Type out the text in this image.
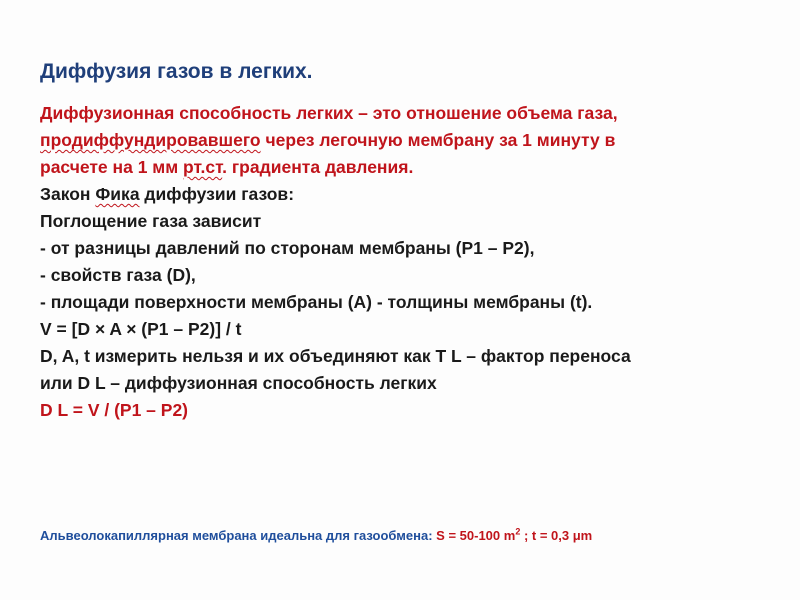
Диффузия газов в легких.
Диффузионная способность легких – это отношение объема газа,
продиффундировавшего через легочную мембрану за 1 минуту в
расчете на 1 мм рт.ст. градиента давления.
Закон Фика диффузии газов:
Поглощение газа зависит
- от разницы давлений по сторонам мембраны (P1 – P2),
- свойств газа (D),
- площади поверхности мембраны (A) - толщины мембраны (t).
V = [D × A × (P1 – P2)] / t
D, A, t измерить нельзя и их объединяют как T L – фактор переноса
или D L – диффузионная способность легких
D L = V / (P1 – P2)
Альвеолокапиллярная мембрана идеальна для газообмена: S = 50-100 $m^2$ ; t = 0,3 μm
